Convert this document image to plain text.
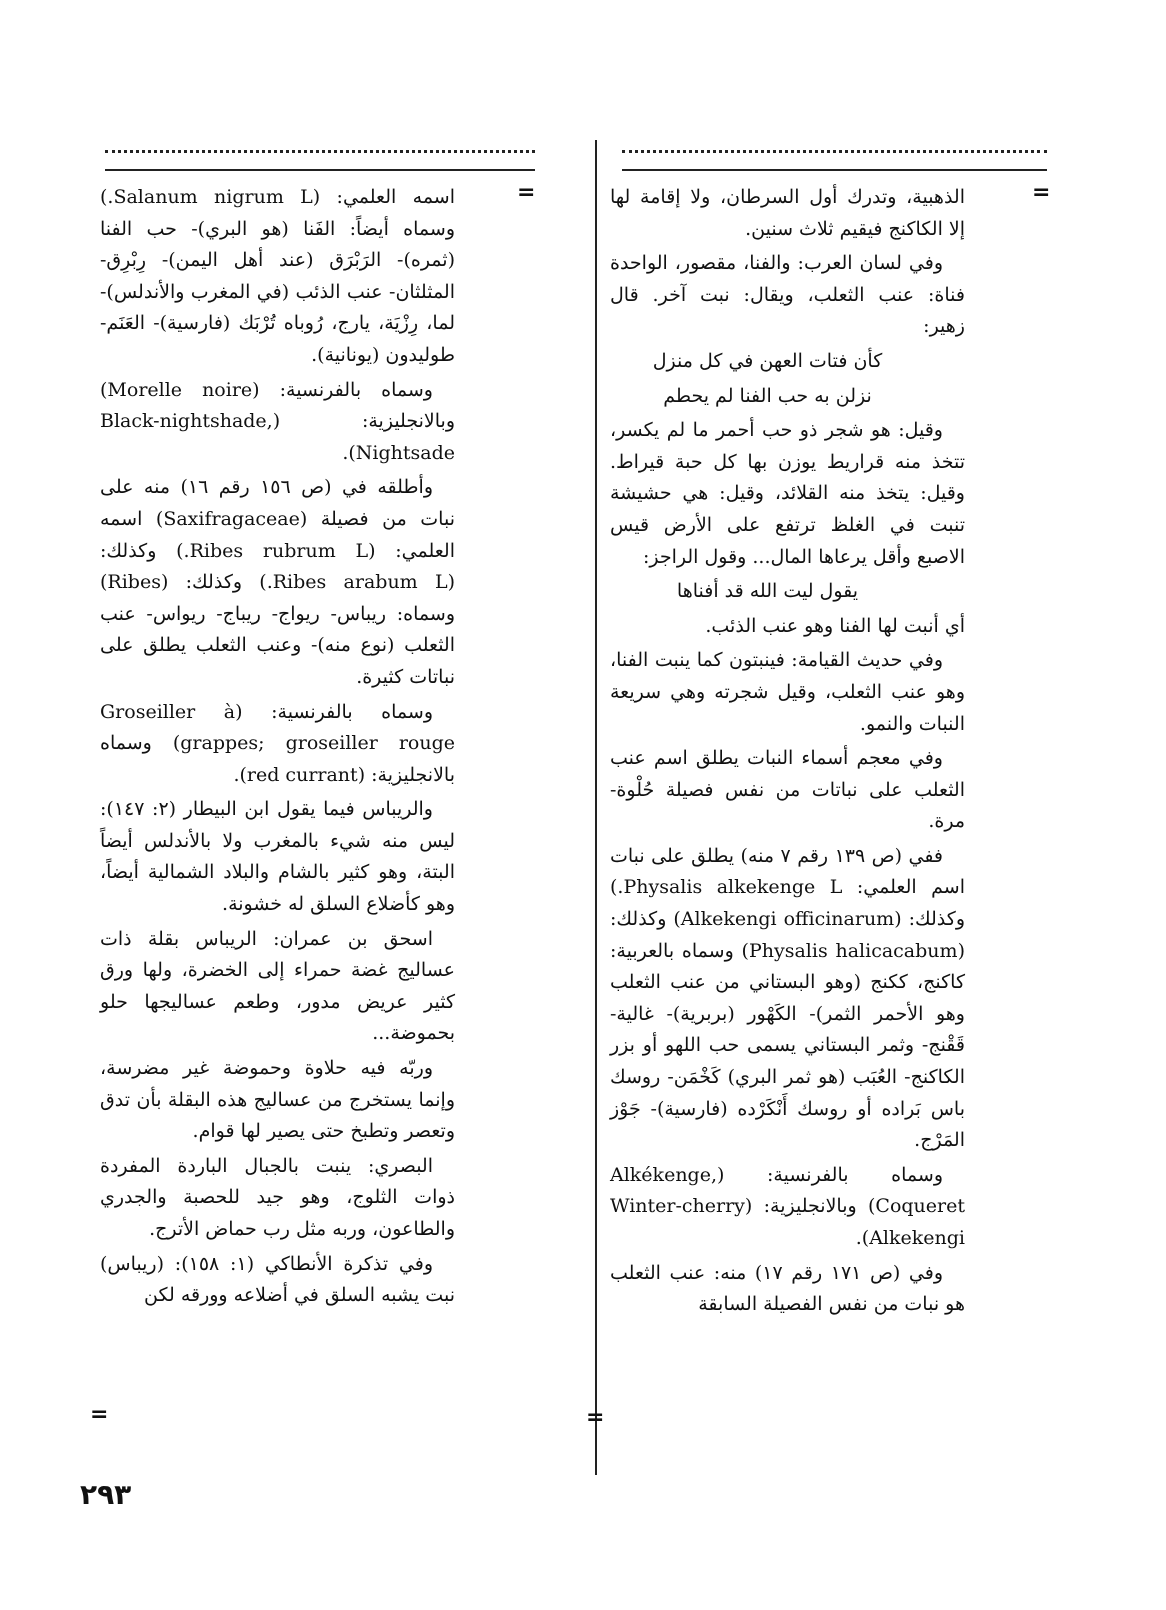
=
=
=
=

الذهبية، وتدرك أول السرطان، ولا إقامة لها إلا الكاكنج فيقيم ثلاث سنين.

وفي لسان العرب: والفنا، مقصور، الواحدة فناة: عنب الثعلب، ويقال: نبت آخر. قال زهير:

كأن فتات العهن في كل منزل

نزلن به حب الفنا لم يحطم

وقيل: هو شجر ذو حب أحمر ما لم يكسر، تتخذ منه قراريط يوزن بها كل حبة قيراط. وقيل: يتخذ منه القلائد، وقيل: هي حشيشة تنبت في الغلظ ترتفع على الأرض قيس الاصبع وأقل يرعاها المال... وقول الراجز:

يقول ليت الله قد أفناها

أي أنبت لها الفنا وهو عنب الذئب.

وفي حديث القيامة: فينبتون كما ينبت الفنا، وهو عنب الثعلب، وقيل شجرته وهي سريعة النبات والنمو.

وفي معجم أسماء النبات يطلق اسم عنب الثعلب على نباتات من نفس فصيلة حُلْوة- مرة.

ففي (ص ١٣٩ رقم ٧ منه) يطلق على نبات اسم العلمي: Physalis alkekenge L.) وكذلك: (Alkekengi officinarum) وكذلك: (Physalis halicacabum) وسماه بالعربية: كاكنج، ككنج (وهو البستاني من عنب الثعلب وهو الأحمر الثمر)- الكَهْور (بربرية)- غالية- قَقْنج- وثمر البستاني يسمى حب اللهو أو بزر الكاكنج- العُبَب (هو ثمر البري) كَخْمَن- روسك باس بَراده أو روسك أَنْكَرْده (فارسية)- جَوْز المَرْج.

وسماه بالفرنسية: (Alkékenge, Coqueret) وبالانجليزية: (Winter-cherry Alkekengi).

وفي (ص ١٧١ رقم ١٧) منه: عنب الثعلب هو نبات من نفس الفصيلة السابقة

اسمه العلمي: (Salanum nigrum L.) وسماه أيضاً: الفَنا (هو البري)- حب الفنا (ثمره)- الرَبْرَق (عند أهل اليمن)- رِبْرِق- المثلثان- عنب الذئب (في المغرب والأندلس)- لما، رِزْيَة، يارج، رُوباه تُرْبَك (فارسية)- العَنَم- طوليدون (يونانية).

وسماه بالفرنسية: (Morelle noire) وبالانجليزية: (Black-nightshade, Nightsade).

وأطلقه في (ص ١٥٦ رقم ١٦) منه على نبات من فصيلة (Saxifragaceae) اسمه العلمي: (Ribes rubrum L.) وكذلك: (Ribes arabum L.) وكذلك: (Ribes) وسماه: ريباس- ريواج- ريباج- ريواس- عنب الثعلب (نوع منه)- وعنب الثعلب يطلق على نباتات كثيرة.

وسماه بالفرنسية: (Groseiller à grappes; groseiller rouge) وسماه بالانجليزية: (red currant).

والريباس فيما يقول ابن البيطار (٢: ١٤٧): ليس منه شيء بالمغرب ولا بالأندلس أيضاً البتة، وهو كثير بالشام والبلاد الشمالية أيضاً، وهو كأضلاع السلق له خشونة.

اسحق بن عمران: الريباس بقلة ذات عساليج غضة حمراء إلى الخضرة، ولها ورق كثير عريض مدور، وطعم عساليجها حلو بحموضة...

وربّه فيه حلاوة وحموضة غير مضرسة، وإنما يستخرج من عساليج هذه البقلة بأن تدق وتعصر وتطبخ حتى يصير لها قوام.

البصري: ينبت بالجبال الباردة المفردة ذوات الثلوج، وهو جيد للحصبة والجدري والطاعون، وربه مثل رب حماض الأترج.

وفي تذكرة الأنطاكي (١: ١٥٨): (ريباس) نبت يشبه السلق في أضلاعه وورقه لكن

٢٩٣
